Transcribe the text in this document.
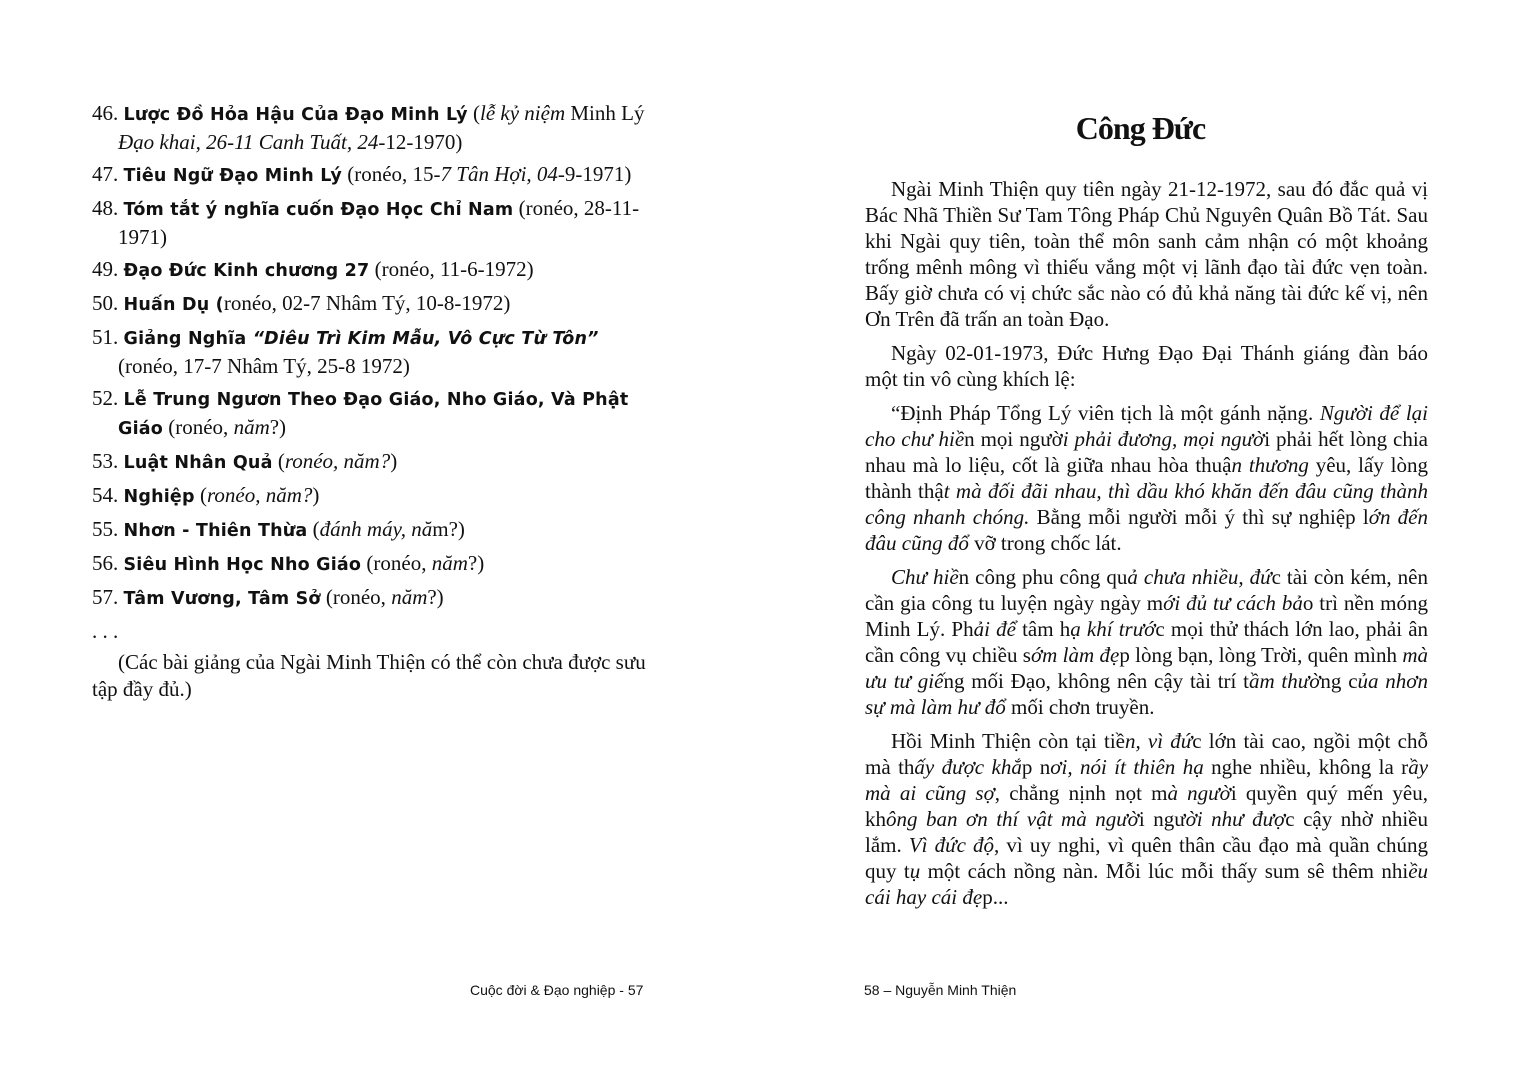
46. Lược Đồ Hỏa Hậu Của Đạo Minh Lý (lễ kỷ niệm Minh Lý Đạo khai, 26-11 Canh Tuất, 24-12-1970)
47. Tiêu Ngữ Đạo Minh Lý (ronéo, 15-7 Tân Hợi, 04-9-1971)
48. Tóm tắt ý nghĩa cuốn Đạo Học Chỉ Nam (ronéo, 28-11-1971)
49. Đạo Đức Kinh chương 27 (ronéo, 11-6-1972)
50. Huấn Dụ (ronéo, 02-7 Nhâm Tý, 10-8-1972)
51. Giảng Nghĩa “Diêu Trì Kim Mẫu, Vô Cực Từ Tôn” (ronéo, 17-7 Nhâm Tý, 25-8 1972)
52. Lễ Trung Ngươn Theo Đạo Giáo, Nho Giáo, Và Phật Giáo (ronéo, năm?)
53. Luật Nhân Quả (ronéo, năm?)
54. Nghiệp (ronéo, năm?)
55. Nhơn - Thiên Thừa (đánh máy, năm?)
56. Siêu Hình Học Nho Giáo (ronéo, năm?)
57. Tâm Vương, Tâm Sở (ronéo, năm?)
. . .
(Các bài giảng của Ngài Minh Thiện có thể còn chưa được sưu tập đầy đủ.)
Cuộc đời & Đạo nghiệp - 57
Công Đức

Ngài Minh Thiện quy tiên ngày 21-12-1972, sau đó đắc quả vị Bác Nhã Thiền Sư Tam Tông Pháp Chủ Nguyên Quân Bồ Tát. Sau khi Ngài quy tiên, toàn thể môn sanh cảm nhận có một khoảng trống mênh mông vì thiếu vắng một vị lãnh đạo tài đức vẹn toàn. Bấy giờ chưa có vị chức sắc nào có đủ khả năng tài đức kế vị, nên Ơn Trên đã trấn an toàn Đạo.

Ngày 02-01-1973, Đức Hưng Đạo Đại Thánh giáng đàn báo một tin vô cùng khích lệ:

“Định Pháp Tổng Lý viên tịch là một gánh nặng. Người để lại cho chư hiền mọi người phải đương, mọi người phải hết lòng chia nhau mà lo liệu, cốt là giữa nhau hòa thuận thương yêu, lấy lòng thành thật mà đối đãi nhau, thì dầu khó khăn đến đâu cũng thành công nhanh chóng. Bằng mỗi người mỗi ý thì sự nghiệp lớn đến đâu cũng đổ vỡ trong chốc lát.

Chư hiền công phu công quả chưa nhiều, đức tài còn kém, nên cần gia công tu luyện ngày ngày mới đủ tư cách bảo trì nền móng Minh Lý. Phải để tâm hạ khí trước mọi thử thách lớn lao, phải ân cần công vụ chiều sớm làm đẹp lòng bạn, lòng Trời, quên mình mà ưu tư giếng mối Đạo, không nên cậy tài trí tầm thường của nhơn sự mà làm hư đổ mối chơn truyền.

Hồi Minh Thiện còn tại tiền, vì đức lớn tài cao, ngồi một chỗ mà thấy được khắp nơi, nói ít thiên hạ nghe nhiều, không la rầy mà ai cũng sợ, chẳng nịnh nọt mà người quyền quý mến yêu, không ban ơn thí vật mà người người như được cậy nhờ nhiều lắm. Vì đức độ, vì uy nghi, vì quên thân cầu đạo mà quần chúng quy tụ một cách nồng nàn. Mỗi lúc mỗi thấy sum sê thêm nhiều cái hay cái đẹp...

58 – Nguyễn Minh Thiện
